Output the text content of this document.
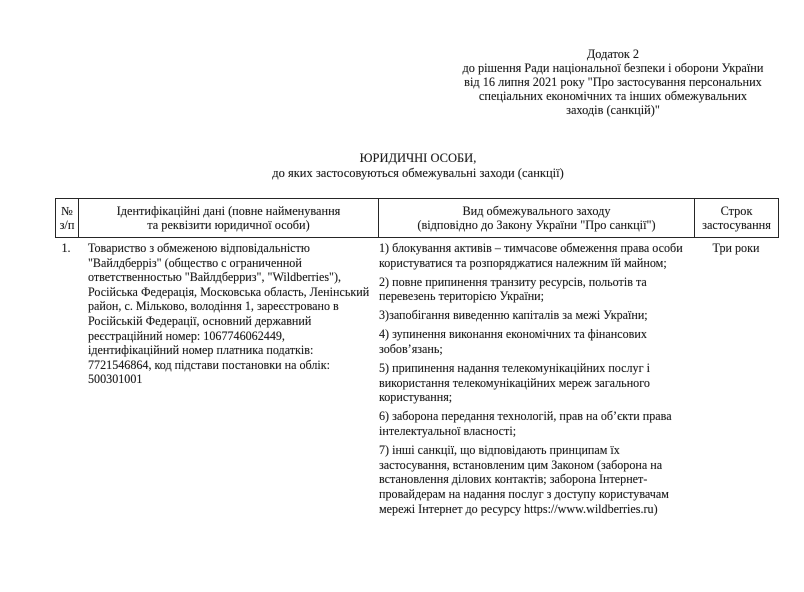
Додаток 2
до рішення Ради національної безпеки і оборони України
від 16 липня 2021 року "Про застосування персональних
спеціальних економічних та інших обмежувальних
заходів (санкцій)"
ЮРИДИЧНІ ОСОБИ,
до яких застосовуються обмежувальні заходи (санкції)
№
з/п
Ідентифікаційні дані (повне найменування
та реквізити юридичної особи)
Вид обмежувального заходу
(відповідно до Закону України "Про санкції")
Строк
застосування
1.	Товариство з обмеженою відповідальністю "Вайлдберріз" (общество с ограниченной ответственностью "Вайлдберриз", "Wildberries"), Російська Федерація, Московська область, Ленінський район, с. Мільково, володіння 1, зареєстровано в Російській Федерації, основний державний реєстраційний номер: 1067746062449, ідентифікаційний номер платника податків: 7721546864, код підстави постановки на облік: 500301001

1) блокування активів – тимчасове обмеження права особи користуватися та розпоряджатися належним їй майном;

2) повне припинення транзиту ресурсів, польотів та перевезень територією України;

3)запобігання виведенню капіталів за межі України;

4) зупинення виконання економічних та фінансових зобов’язань;

5) припинення надання телекомунікаційних послуг і використання телекомунікаційних мереж загального користування;

6) заборона передання технологій, прав на об’єкти права інтелектуальної власності;

7) інші санкції, що відповідають принципам їх застосування, встановленим цим Законом (заборона на встановлення ділових контактів; заборона Інтернет-провайдерам на надання послуг з доступу користувачам мережі Інтернет до ресурсу https://www.wildberries.ru)

Три роки
